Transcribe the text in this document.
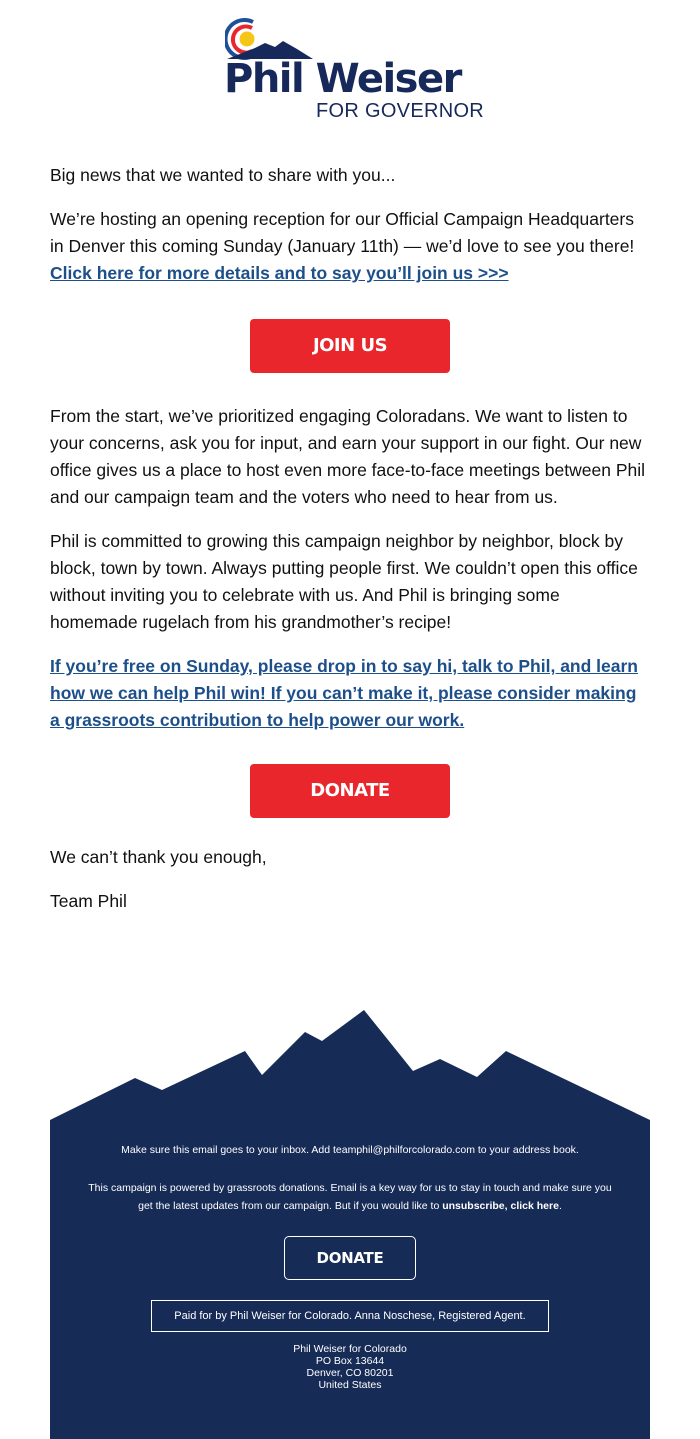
Phil Weiser
FOR GOVERNOR

Big news that we wanted to share with you...

We’re hosting an opening reception for our Official Campaign Headquarters in Denver this coming Sunday (January 11th) — we’d love to see you there! Click here for more details and to say you’ll join us >>>

JOIN US

From the start, we’ve prioritized engaging Coloradans. We want to listen to your concerns, ask you for input, and earn your support in our fight. Our new office gives us a place to host even more face-to-face meetings between Phil and our campaign team and the voters who need to hear from us.

Phil is committed to growing this campaign neighbor by neighbor, block by block, town by town. Always putting people first. We couldn’t open this office without inviting you to celebrate with us. And Phil is bringing some homemade rugelach from his grandmother’s recipe!

If you’re free on Sunday, please drop in to say hi, talk to Phil, and learn how we can help Phil win! If you can’t make it, please consider making a grassroots contribution to help power our work.

DONATE

We can’t thank you enough,

Team Phil

Make sure this email goes to your inbox. Add teamphil@philforcolorado.com to your address book.
This campaign is powered by grassroots donations. Email is a key way for us to stay in touch and make sure you get the latest updates from our campaign. But if you would like to unsubscribe, click here.
DONATE
Paid for by Phil Weiser for Colorado. Anna Noschese, Registered Agent.
Phil Weiser for Colorado
PO Box 13644
Denver, CO 80201
United States
